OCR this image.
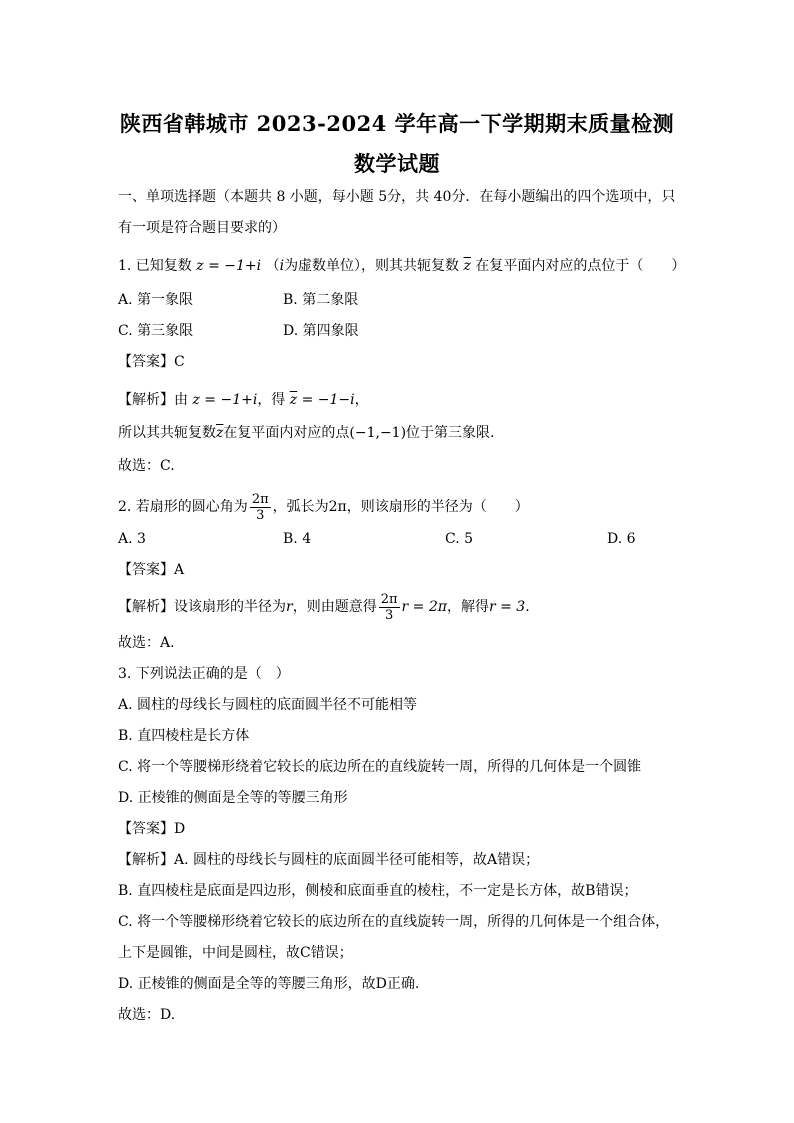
陕西省韩城市 2023-2024 学年高一下学期期末质量检测
数学试题
一、单项选择题（本题共 8 小题，每小题 5分，共 40分．在每小题编出的四个选项中，只
有一项是符合题目要求的）
1. 已知复数 z = −1+i （i为虚数单位），则其共轭复数 $\overline{z}$ 在复平面内对应的点位于（　　）
A. 第一象限	B. 第二象限
C. 第三象限	D. 第四象限
【答案】C
【解析】由 z = −1+i，得 $\overline{z} = -1-i$，
所以其共轭复数$\overline{z}$在复平面内对应的点(−1,−1)位于第三象限.
故选：C.
2. 若扇形的圆心角为 $\frac{2\pi}{3}$ ，弧长为2π，则该扇形的半径为（　　）
A. 3	B. 4	C. 5	D. 6
【答案】A
【解析】设该扇形的半径为r，则由题意得 $\frac{2\pi}{3}$ r = 2π，解得r = 3.
故选：A.
3. 下列说法正确的是（　）
A. 圆柱的母线长与圆柱的底面圆半径不可能相等
B. 直四棱柱是长方体
C. 将一个等腰梯形绕着它较长的底边所在的直线旋转一周，所得的几何体是一个圆锥
D. 正棱锥的侧面是全等的等腰三角形
【答案】D
【解析】A. 圆柱的母线长与圆柱的底面圆半径可能相等，故A错误；
B. 直四棱柱是底面是四边形，侧棱和底面垂直的棱柱，不一定是长方体，故B错误；
C. 将一个等腰梯形绕着它较长的底边所在的直线旋转一周，所得的几何体是一个组合体，
上下是圆锥，中间是圆柱，故C错误；
D. 正棱锥的侧面是全等的等腰三角形，故D正确.
故选：D.
